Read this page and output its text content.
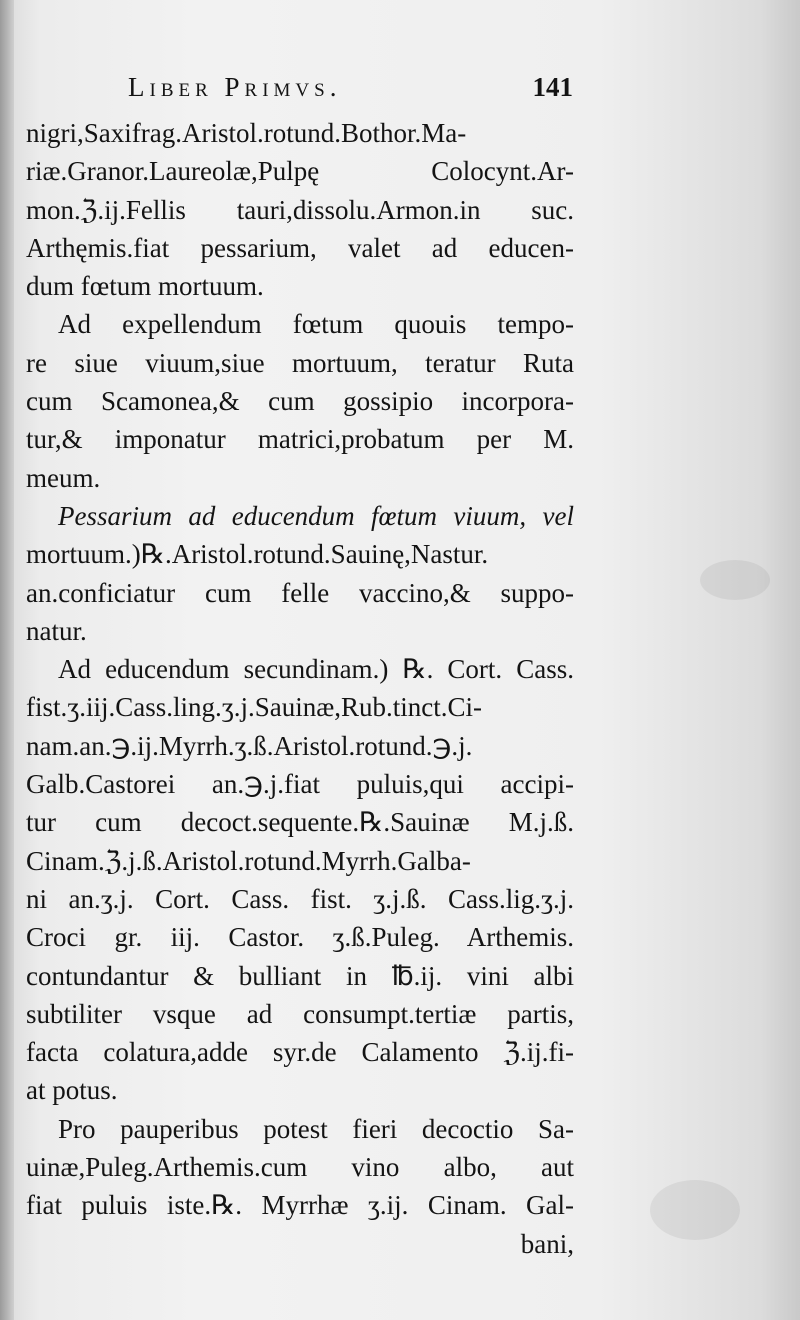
Liber Primvs.	141
nigri,Saxifrag.Aristol.rotund.Bothor.Ma-
riæ.Granor.Laureolæ,Pulpę Colocynt.Ar-
mon.ℨ.ij.Fellis tauri,dissolu.Armon.in suc.
Arthęmis.fiat pessarium, valet ad educen-
dum fœtum mortuum.
Ad expellendum fœtum quouis tempo-
re siue viuum,siue mortuum, teratur Ruta
cum Scamonea,& cum gossipio incorpora-
tur,& imponatur matrici,probatum per M.
meum.
Pessarium ad educendum fœtum viuum, vel
mortuum.)℞.Aristol.rotund.Sauinę,Nastur.
an.conficiatur cum felle vaccino,& suppo-
natur.
Ad educendum secundinam.) ℞. Cort. Cass.
fist.ʒ.iij.Cass.ling.ʒ.j.Sauinæ,Rub.tinct.Ci-
nam.an.℈.ij.Myrrh.ʒ.ß.Aristol.rotund.℈.j.
Galb.Castorei an.℈.j.fiat puluis,qui accipi-
tur cum decoct.sequente.℞.Sauinæ M.j.ß.
Cinam.ℨ.j.ß.Aristol.rotund.Myrrh.Galba-
ni an.ʒ.j. Cort. Cass. fist. ʒ.j.ß. Cass.lig.ʒ.j.
Croci gr. iij. Castor. ʒ.ß.Puleg. Arthemis.
contundantur & bulliant in ℔.ij. vini albi
subtiliter vsque ad consumpt.tertiæ partis,
facta colatura,adde syr.de Calamento ℨ.ij.fi-
at potus.
Pro pauperibus potest fieri decoctio Sa-
uinæ,Puleg.Arthemis.cum vino albo, aut
fiat puluis iste.℞. Myrrhæ ʒ.ij. Cinam. Gal-
bani,
